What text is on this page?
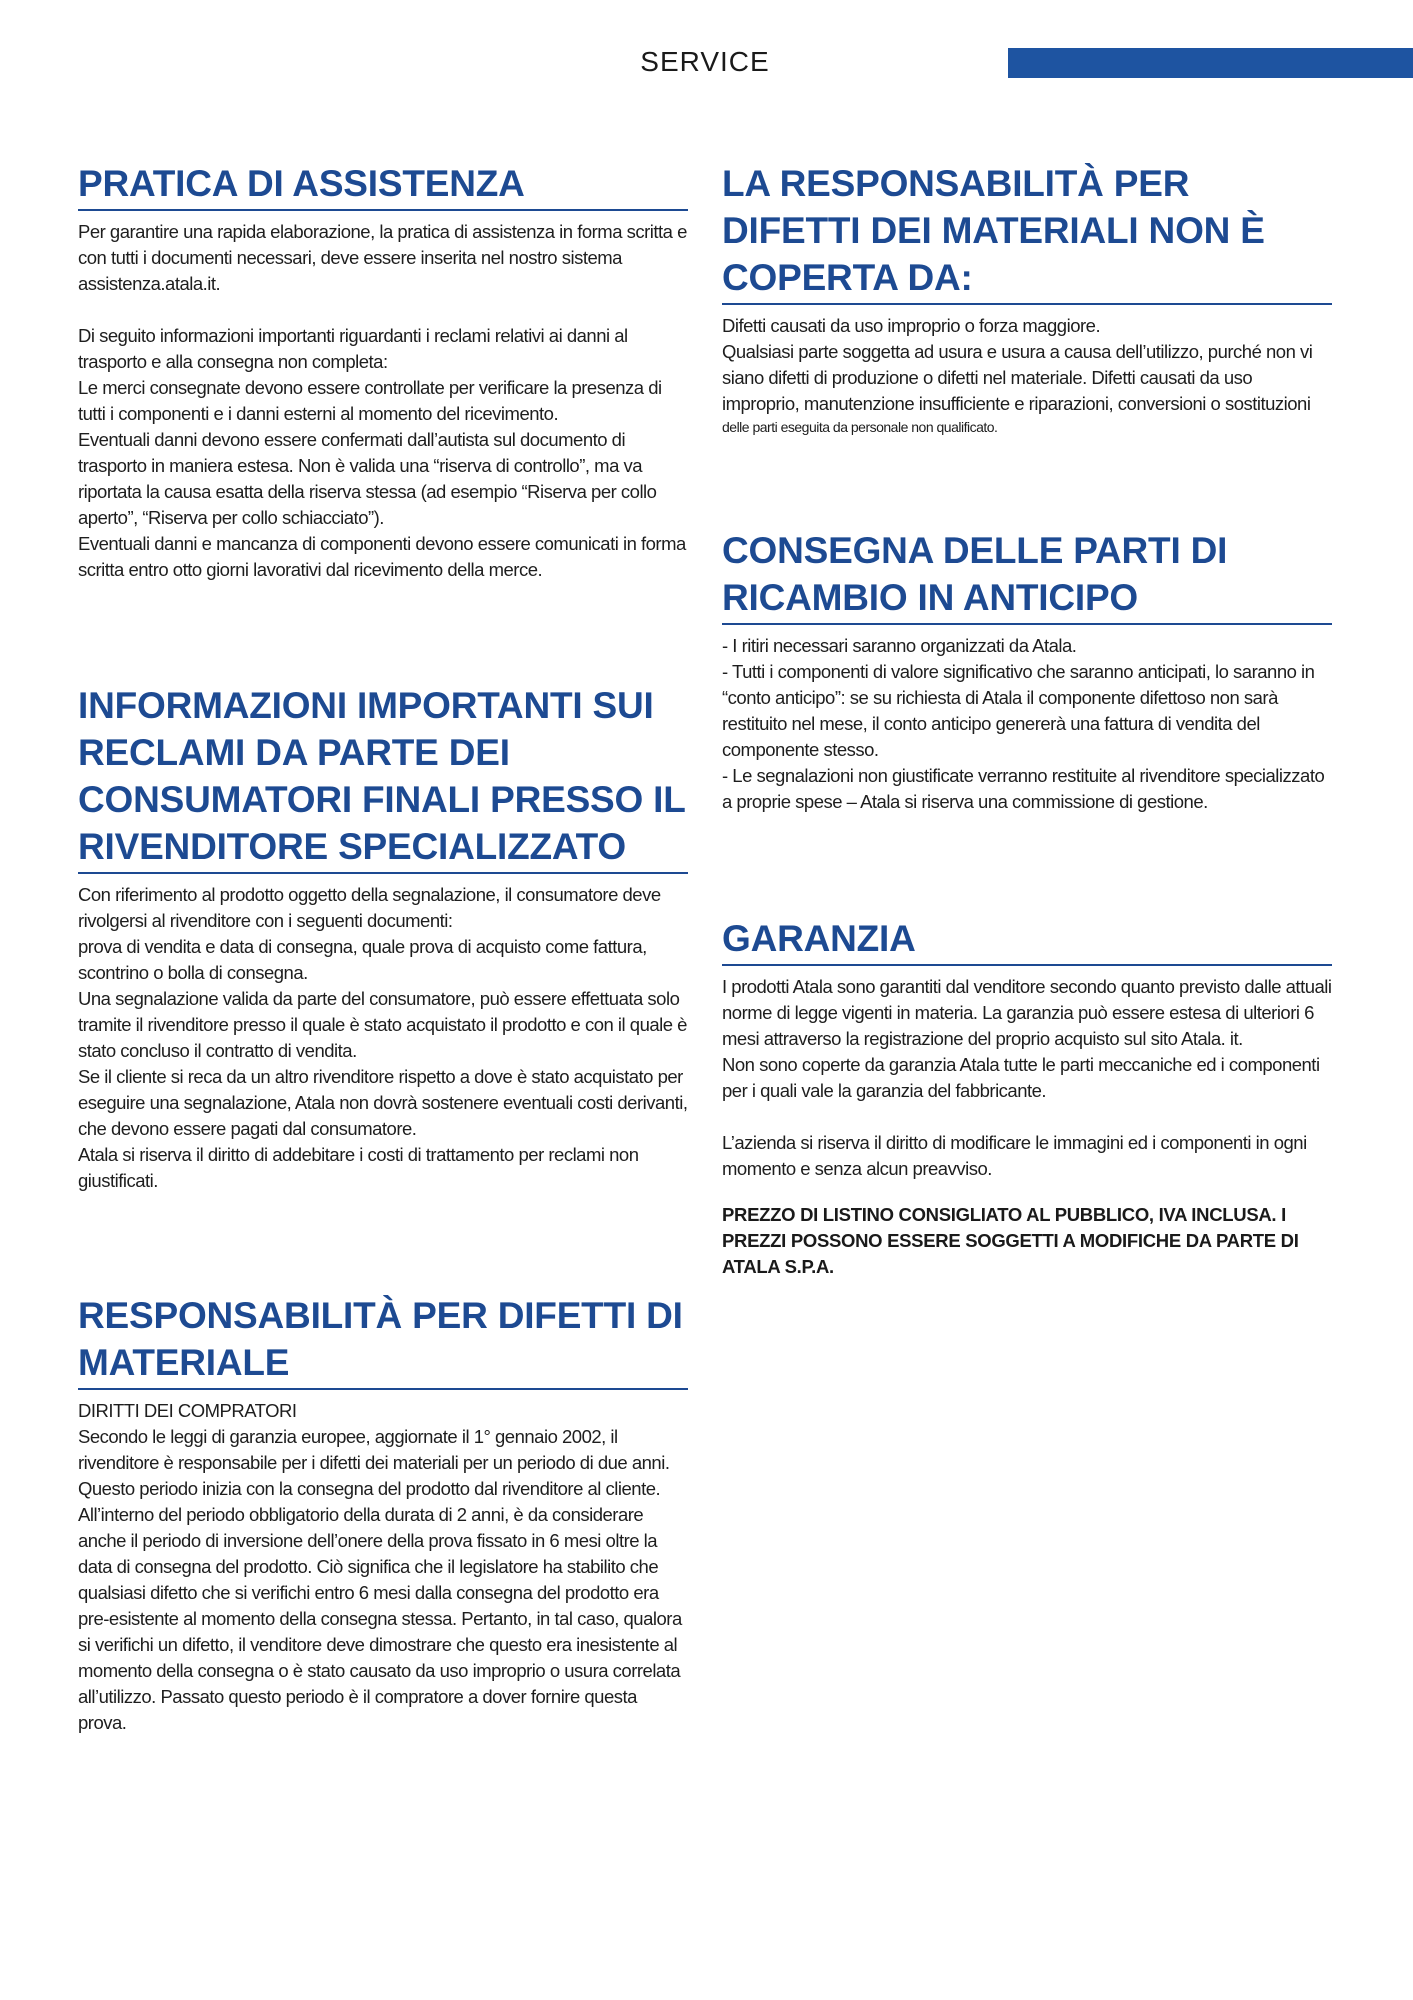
SERVICE
PRATICA DI ASSISTENZA

Per garantire una rapida elaborazione, la pratica di assistenza in forma scritta e con tutti i documenti necessari, deve essere inserita nel nostro sistema assistenza.atala.it.

Di seguito informazioni importanti riguardanti i reclami relativi ai danni al trasporto e alla consegna non completa:

Le merci consegnate devono essere controllate per verificare la presenza di tutti i componenti e i danni esterni al momento del ricevimento.

Eventuali danni devono essere confermati dall’autista sul documento di trasporto in maniera estesa. Non è valida una “riserva di controllo”, ma va riportata la causa esatta della riserva stessa (ad esempio “Riserva per collo aperto”, “Riserva per collo schiacciato”).

Eventuali danni e mancanza di componenti devono essere comunicati in forma scritta entro otto giorni lavorativi dal ricevimento della merce.

INFORMAZIONI IMPORTANTI SUI RECLAMI DA PARTE DEI CONSUMATORI FINALI PRESSO IL RIVENDITORE SPECIALIZZATO

Con riferimento al prodotto oggetto della segnalazione, il consumatore deve rivolgersi al rivenditore con i seguenti documenti:

prova di vendita e data di consegna, quale prova di acquisto come fattura, scontrino o bolla di consegna.

Una segnalazione valida da parte del consumatore, può essere effettuata solo tramite il rivenditore presso il quale è stato acquistato il prodotto e con il quale è stato concluso il contratto di vendita.

Se il cliente si reca da un altro rivenditore rispetto a dove è stato acquistato per eseguire una segnalazione, Atala non dovrà sostenere eventuali costi derivanti, che devono essere pagati dal consumatore.

Atala si riserva il diritto di addebitare i costi di trattamento per reclami non giustificati.

RESPONSABILITÀ PER DIFETTI DI MATERIALE

DIRITTI DEI COMPRATORI

Secondo le leggi di garanzia europee, aggiornate il 1° gennaio 2002, il rivenditore è responsabile per i difetti dei materiali per un periodo di due anni. Questo periodo inizia con la consegna del prodotto dal rivenditore al cliente. All’interno del periodo obbligatorio della durata di 2 anni, è da considerare anche il periodo di inversione dell’onere della prova fissato in 6 mesi oltre la data di consegna del prodotto. Ciò significa che il legislatore ha stabilito che qualsiasi difetto che si verifichi entro 6 mesi dalla consegna del prodotto era pre-esistente al momento della consegna stessa. Pertanto, in tal caso, qualora si verifichi un difetto, il venditore deve dimostrare che questo era inesistente al momento della consegna o è stato causato da uso improprio o usura correlata all’utilizzo. Passato questo periodo è il compratore a dover fornire questa prova.

LA RESPONSABILITÀ PER DIFETTI DEI MATERIALI NON È COPERTA DA:

Difetti causati da uso improprio o forza maggiore.

Qualsiasi parte soggetta ad usura e usura a causa dell’utilizzo, purché non vi siano difetti di produzione o difetti nel materiale. Difetti causati da uso improprio, manutenzione insufficiente e riparazioni, conversioni o sostituzioni

delle parti eseguita da personale non qualificato.

CONSEGNA DELLE PARTI DI RICAMBIO IN ANTICIPO

- I ritiri necessari saranno organizzati da Atala.

- Tutti i componenti di valore significativo che saranno anticipati, lo saranno in “conto anticipo”: se su richiesta di Atala il componente difettoso non sarà restituito nel mese, il conto anticipo genererà una fattura di vendita del componente stesso.

- Le segnalazioni non giustificate verranno restituite al rivenditore specializzato a proprie spese – Atala si riserva una commissione di gestione.

GARANZIA

I prodotti Atala sono garantiti dal venditore secondo quanto previsto dalle attuali norme di legge vigenti in materia. La garanzia può essere estesa di ulteriori 6 mesi attraverso la registrazione del proprio acquisto sul sito Atala. it.

Non sono coperte da garanzia Atala tutte le parti meccaniche ed i componenti per i quali vale la garanzia del fabbricante.

L’azienda si riserva il diritto di modificare le immagini ed i componenti in ogni momento e senza alcun preavviso.

PREZZO DI LISTINO CONSIGLIATO AL PUBBLICO, IVA INCLUSA. I PREZZI POSSONO ESSERE SOGGETTI A MODIFICHE DA PARTE DI ATALA S.P.A.
